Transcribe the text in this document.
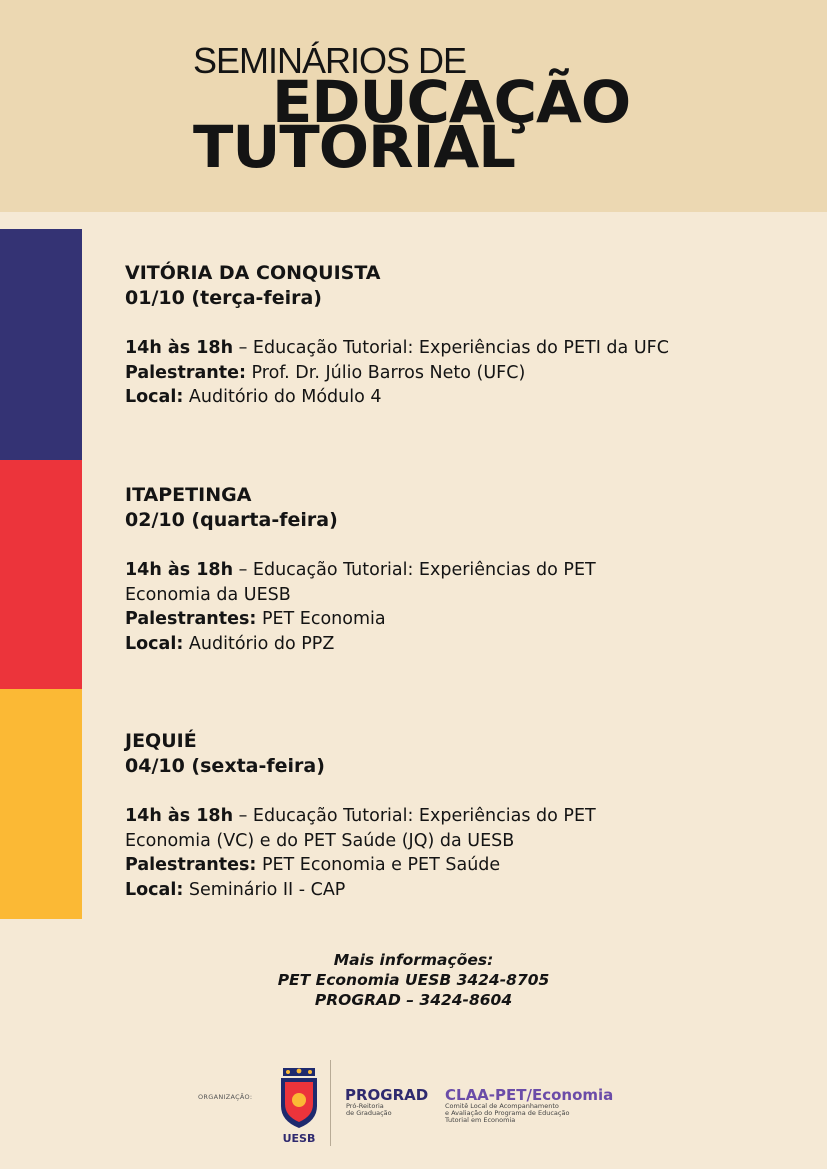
SEMINÁRIOS DE
EDUCAÇÃO
TUTORIAL
VITÓRIA DA CONQUISTA
01/10 (terça-feira)
14h às 18h – Educação Tutorial: Experiências do PETI da UFC
Palestrante: Prof. Dr. Júlio Barros Neto (UFC)
Local: Auditório do Módulo 4
ITAPETINGA
02/10 (quarta-feira)
14h às 18h – Educação Tutorial: Experiências do PET
Economia da UESB
Palestrantes: PET Economia
Local: Auditório do PPZ
JEQUIÉ
04/10 (sexta-feira)
14h às 18h – Educação Tutorial: Experiências do PET
Economia (VC) e do PET Saúde (JQ) da UESB
Palestrantes: PET Economia e PET Saúde
Local: Seminário II - CAP
Mais informações:
PET Economia UESB 3424-8705
PROGRAD – 3424-8604
ORGANIZAÇÃO:
UESB
PROGRAD
Pró-Reitoria
de Graduação
CLAA-PET/Economia
Comitê Local de Acompanhamento
e Avaliação do Programa de Educação
Tutorial em Economia
